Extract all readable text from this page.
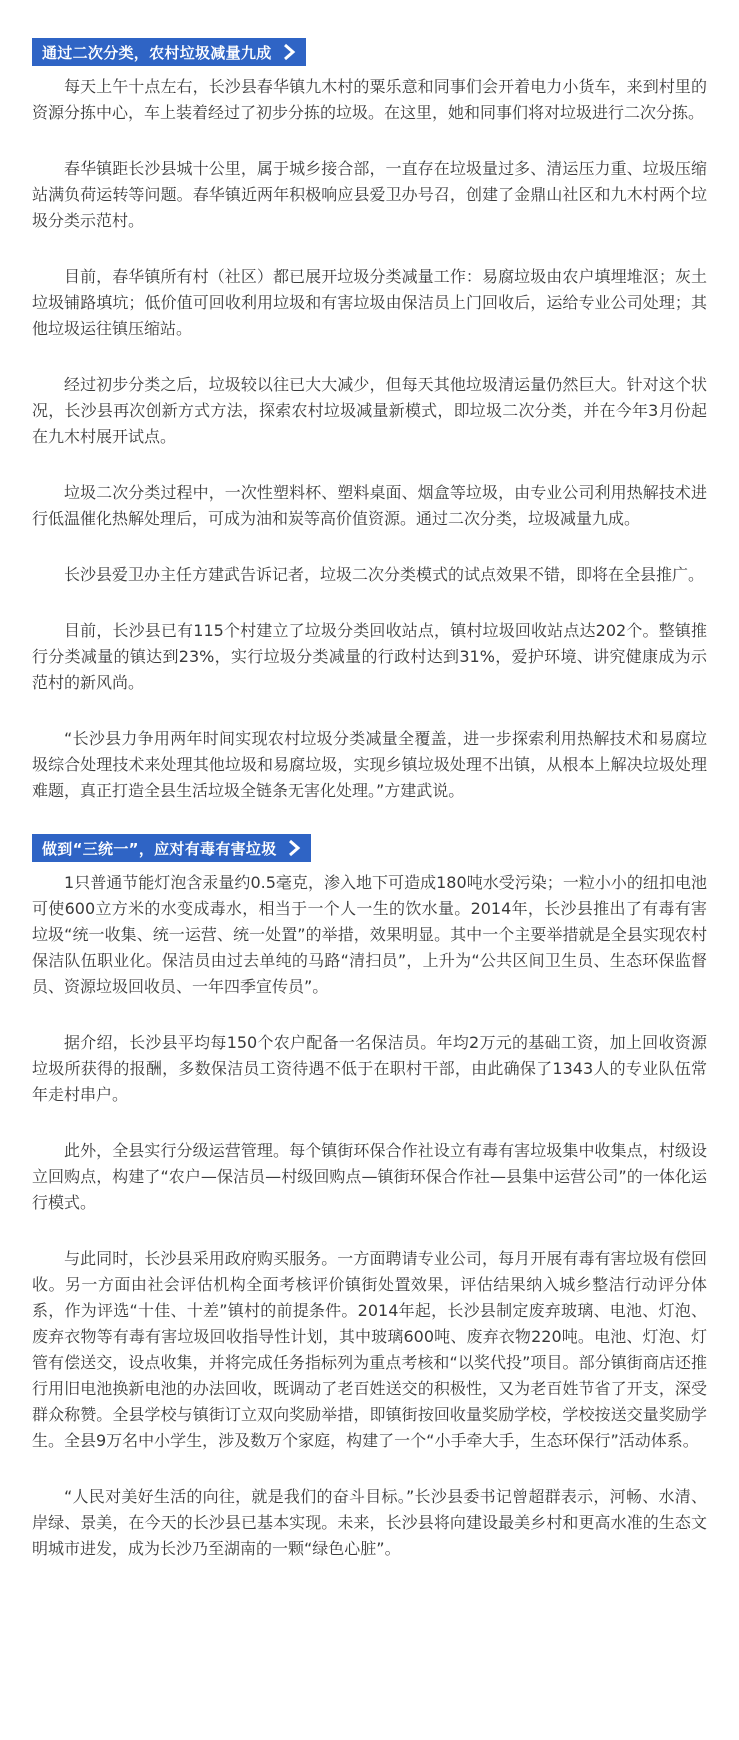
通过二次分类，农村垃圾减量九成

每天上午十点左右，长沙县春华镇九木村的粟乐意和同事们会开着电力小货车，来到村里的资源分拣中心，车上装着经过了初步分拣的垃圾。在这里，她和同事们将对垃圾进行二次分拣。

春华镇距长沙县城十公里，属于城乡接合部，一直存在垃圾量过多、清运压力重、垃圾压缩站满负荷运转等问题。春华镇近两年积极响应县爱卫办号召，创建了金鼎山社区和九木村两个垃圾分类示范村。

目前，春华镇所有村（社区）都已展开垃圾分类减量工作：易腐垃圾由农户填埋堆沤；灰土垃圾铺路填坑；低价值可回收利用垃圾和有害垃圾由保洁员上门回收后，运给专业公司处理；其他垃圾运往镇压缩站。

经过初步分类之后，垃圾较以往已大大减少，但每天其他垃圾清运量仍然巨大。针对这个状况，长沙县再次创新方式方法，探索农村垃圾减量新模式，即垃圾二次分类，并在今年3月份起在九木村展开试点。

垃圾二次分类过程中，一次性塑料杯、塑料桌面、烟盒等垃圾，由专业公司利用热解技术进行低温催化热解处理后，可成为油和炭等高价值资源。通过二次分类，垃圾减量九成。

长沙县爱卫办主任方建武告诉记者，垃圾二次分类模式的试点效果不错，即将在全县推广。

目前，长沙县已有115个村建立了垃圾分类回收站点，镇村垃圾回收站点达202个。整镇推行分类减量的镇达到23%，实行垃圾分类减量的行政村达到31%，爱护环境、讲究健康成为示范村的新风尚。

“长沙县力争用两年时间实现农村垃圾分类减量全覆盖，进一步探索利用热解技术和易腐垃圾综合处理技术来处理其他垃圾和易腐垃圾，实现乡镇垃圾处理不出镇，从根本上解决垃圾处理难题，真正打造全县生活垃圾全链条无害化处理。”方建武说。

做到“三统一”，应对有毒有害垃圾

1只普通节能灯泡含汞量约0.5毫克，渗入地下可造成180吨水受污染；一粒小小的纽扣电池可使600立方米的水变成毒水，相当于一个人一生的饮水量。2014年，长沙县推出了有毒有害垃圾“统一收集、统一运营、统一处置”的举措，效果明显。其中一个主要举措就是全县实现农村保洁队伍职业化。保洁员由过去单纯的马路“清扫员”，上升为“公共区间卫生员、生态环保监督员、资源垃圾回收员、一年四季宣传员”。

据介绍，长沙县平均每150个农户配备一名保洁员。年均2万元的基础工资，加上回收资源垃圾所获得的报酬，多数保洁员工资待遇不低于在职村干部，由此确保了1343人的专业队伍常年走村串户。

此外，全县实行分级运营管理。每个镇街环保合作社设立有毒有害垃圾集中收集点，村级设立回购点，构建了“农户—保洁员—村级回购点—镇街环保合作社—县集中运营公司”的一体化运行模式。

与此同时，长沙县采用政府购买服务。一方面聘请专业公司，每月开展有毒有害垃圾有偿回收。另一方面由社会评估机构全面考核评价镇街处置效果，评估结果纳入城乡整洁行动评分体系，作为评选“十佳、十差”镇村的前提条件。2014年起，长沙县制定废弃玻璃、电池、灯泡、废弃衣物等有毒有害垃圾回收指导性计划，其中玻璃600吨、废弃衣物220吨。电池、灯泡、灯管有偿送交，设点收集，并将完成任务指标列为重点考核和“以奖代投”项目。部分镇街商店还推行用旧电池换新电池的办法回收，既调动了老百姓送交的积极性，又为老百姓节省了开支，深受群众称赞。全县学校与镇街订立双向奖励举措，即镇街按回收量奖励学校，学校按送交量奖励学生。全县9万名中小学生，涉及数万个家庭，构建了一个“小手牵大手，生态环保行”活动体系。

“人民对美好生活的向往，就是我们的奋斗目标。”长沙县委书记曾超群表示，河畅、水清、岸绿、景美，在今天的长沙县已基本实现。未来，长沙县将向建设最美乡村和更高水准的生态文明城市进发，成为长沙乃至湖南的一颗“绿色心脏”。
